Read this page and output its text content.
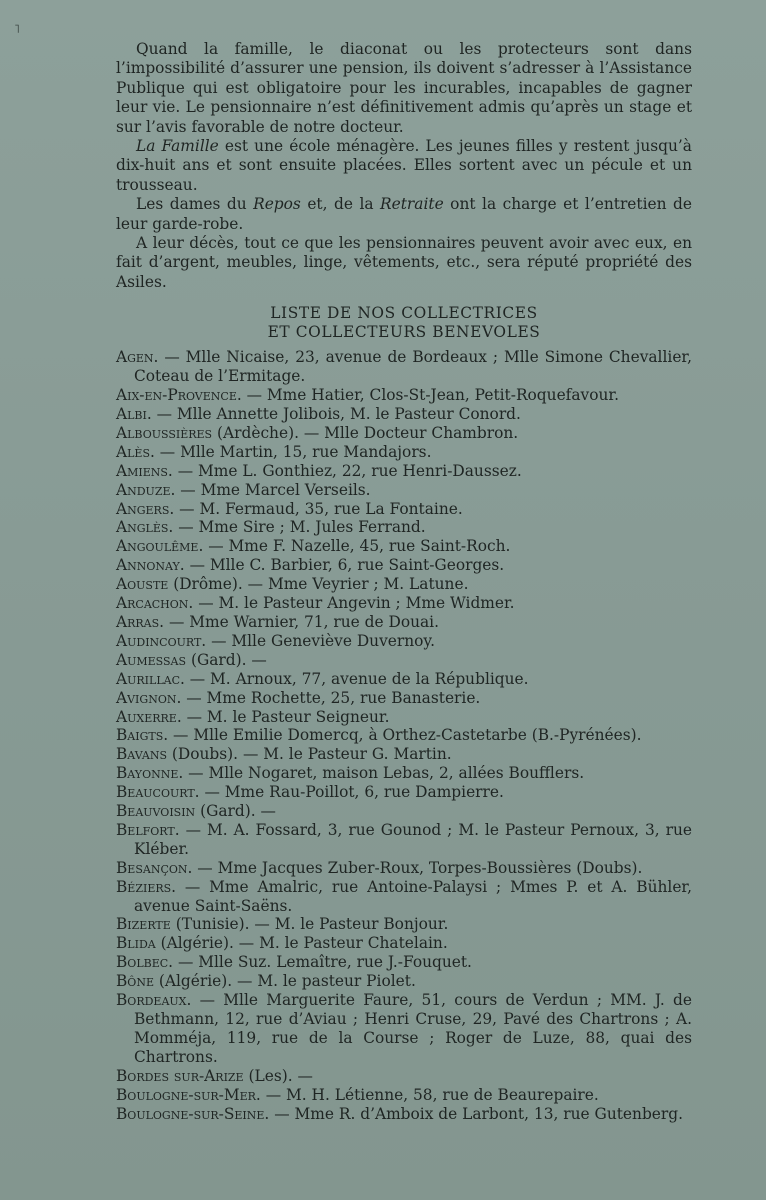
˥

Quand la famille, le diaconat ou les protecteurs sont dans l’impossibilité d’assurer une pension, ils doivent s’adresser à l’Assistance Publique qui est obligatoire pour les incurables, incapables de gagner leur vie. Le pensionnaire n’est définitivement admis qu’après un stage et sur l’avis favorable de notre docteur.

La Famille est une école ménagère. Les jeunes filles y restent jusqu’à dix-huit ans et sont ensuite placées. Elles sortent avec un pécule et un trousseau.

Les dames du Repos et, de la Retraite ont la charge et l’entretien de leur garde-robe.

A leur décès, tout ce que les pensionnaires peuvent avoir avec eux, en fait d’argent, meubles, linge, vêtements, etc., sera réputé propriété des Asiles.

LISTE DE NOS COLLECTRICES
ET COLLECTEURS BENEVOLES
Agen. — Mlle Nicaise, 23, avenue de Bordeaux ; Mlle Simone Chevallier, Coteau de l’Ermitage.
Aix-en-Provence. — Mme Hatier, Clos-St-Jean, Petit-Roquefavour.
Albi. — Mlle Annette Jolibois, M. le Pasteur Conord.
Alboussières (Ardèche). — Mlle Docteur Chambron.
Alès. — Mlle Martin, 15, rue Mandajors.
Amiens. — Mme L. Gonthiez, 22, rue Henri-Daussez.
Anduze. — Mme Marcel Verseils.
Angers. — M. Fermaud, 35, rue La Fontaine.
Anglès. — Mme Sire ; M. Jules Ferrand.
Angoulême. — Mme F. Nazelle, 45, rue Saint-Roch.
Annonay. — Mlle C. Barbier, 6, rue Saint-Georges.
Aouste (Drôme). — Mme Veyrier ; M. Latune.
Arcachon. — M. le Pasteur Angevin ; Mme Widmer.
Arras. — Mme Warnier, 71, rue de Douai.
Audincourt. — Mlle Geneviève Duvernoy.
Aumessas (Gard). —
Aurillac. — M. Arnoux, 77, avenue de la République.
Avignon. — Mme Rochette, 25, rue Banasterie.
Auxerre. — M. le Pasteur Seigneur.
Baigts. — Mlle Emilie Domercq, à Orthez-Castetarbe (B.-Pyrénées).
Bavans (Doubs). — M. le Pasteur G. Martin.
Bayonne. — Mlle Nogaret, maison Lebas, 2, allées Boufflers.
Beaucourt. — Mme Rau-Poillot, 6, rue Dampierre.
Beauvoisin (Gard). —
Belfort. — M. A. Fossard, 3, rue Gounod ; M. le Pasteur Pernoux, 3, rue Kléber.
Besançon. — Mme Jacques Zuber-Roux, Torpes-Boussières (Doubs).
Béziers. — Mme Amalric, rue Antoine-Palaysi ; Mmes P. et A. Bühler, avenue Saint-Saëns.
Bizerte (Tunisie). — M. le Pasteur Bonjour.
Blida (Algérie). — M. le Pasteur Chatelain.
Bolbec. — Mlle Suz. Lemaître, rue J.-Fouquet.
Bône (Algérie). — M. le pasteur Piolet.
Bordeaux. — Mlle Marguerite Faure, 51, cours de Verdun ; MM. J. de Bethmann, 12, rue d’Aviau ; Henri Cruse, 29, Pavé des Chartrons ; A. Momméja, 119, rue de la Course ; Roger de Luze, 88, quai des Chartrons.
Bordes sur-Arize (Les). —
Boulogne-sur-Mer. — M. H. Létienne, 58, rue de Beaurepaire.
Boulogne-sur-Seine. — Mme R. d’Amboix de Larbont, 13, rue Gutenberg.
